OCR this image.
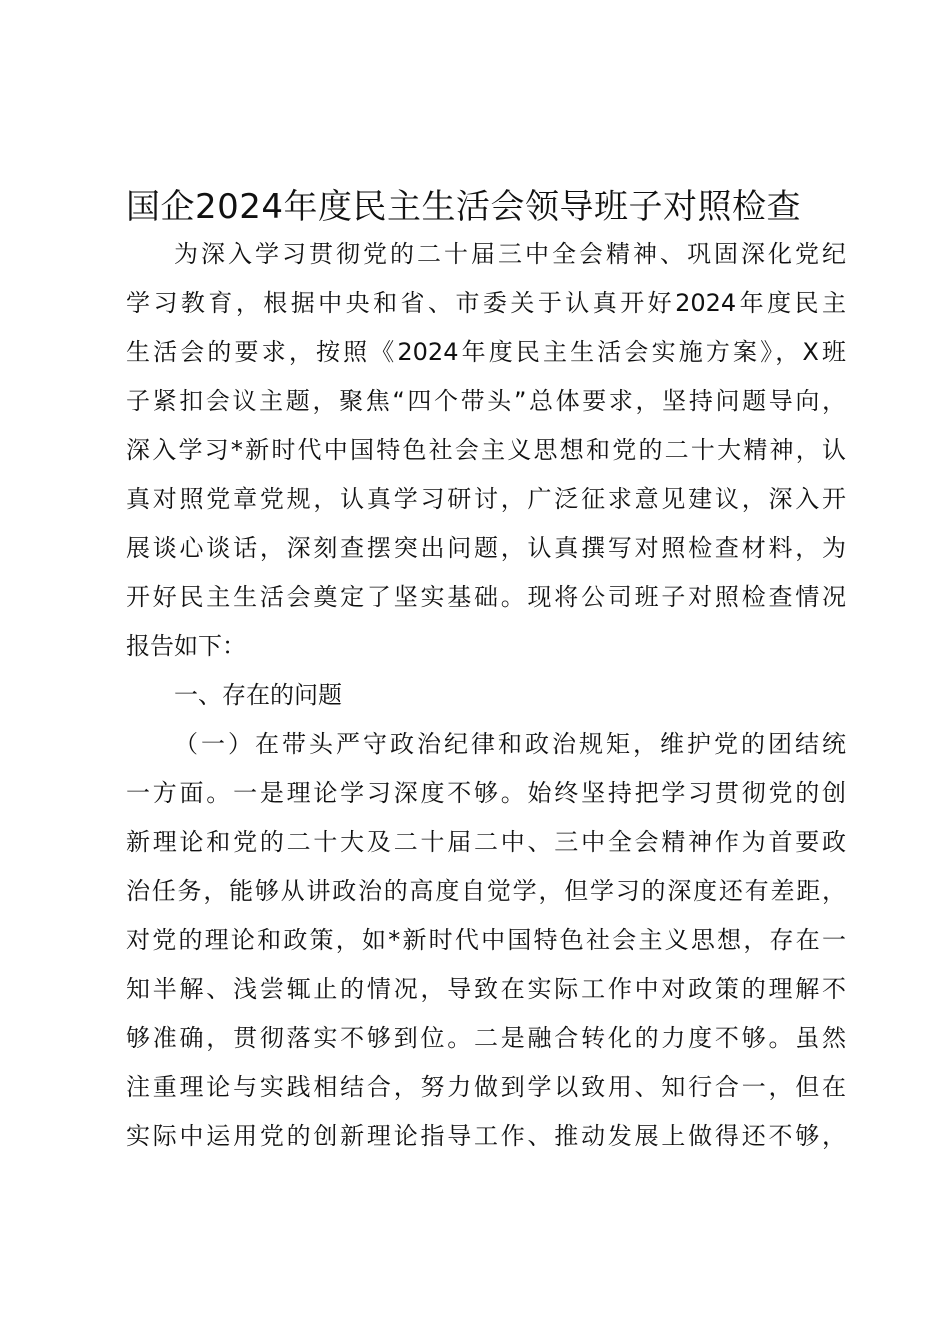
国企2024年度民主生活会领导班子对照检查
为深入学习贯彻党的二十届三中全会精神、巩固深化党纪
学习教育，根据中央和省、市委关于认真开好2024年度民主
生活会的要求，按照《2024年度民主生活会实施方案》，X班
子紧扣会议主题，聚焦“四个带头”总体要求，坚持问题导向，
深入学习*新时代中国特色社会主义思想和党的二十大精神，认
真对照党章党规，认真学习研讨，广泛征求意见建议，深入开
展谈心谈话，深刻查摆突出问题，认真撰写对照检查材料，为
开好民主生活会奠定了坚实基础。现将公司班子对照检查情况
报告如下：
一、存在的问题
（一）在带头严守政治纪律和政治规矩，维护党的团结统
一方面。一是理论学习深度不够。始终坚持把学习贯彻党的创
新理论和党的二十大及二十届二中、三中全会精神作为首要政
治任务，能够从讲政治的高度自觉学，但学习的深度还有差距，
对党的理论和政策，如*新时代中国特色社会主义思想，存在一
知半解、浅尝辄止的情况，导致在实际工作中对政策的理解不
够准确，贯彻落实不够到位。二是融合转化的力度不够。虽然
注重理论与实践相结合，努力做到学以致用、知行合一，但在
实际中运用党的创新理论指导工作、推动发展上做得还不够，
